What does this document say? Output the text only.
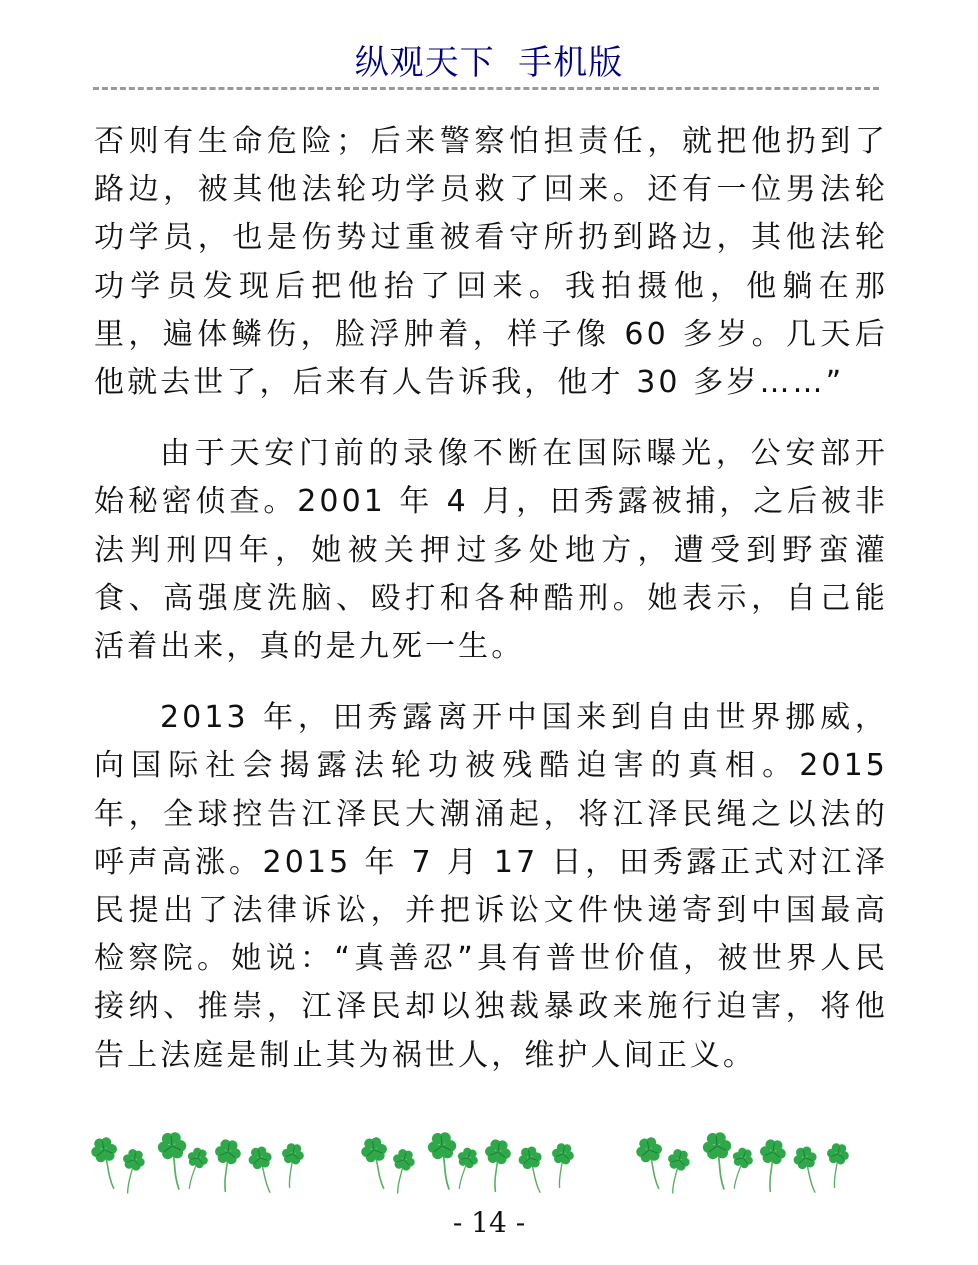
纵观天下  手机版

否则有生命危险；后来警察怕担责任，就把他扔到了路边，被其他法轮功学员救了回来。还有一位男法轮功学员，也是伤势过重被看守所扔到路边，其他法轮功学员发现后把他抬了回来。我拍摄他，他躺在那里，遍体鳞伤，脸浮肿着，样子像 60 多岁。几天后他就去世了，后来有人告诉我，他才 30 多岁……”

由于天安门前的录像不断在国际曝光，公安部开始秘密侦查。2001 年 4 月，田秀露被捕，之后被非法判刑四年，她被关押过多处地方，遭受到野蛮灌食、高强度洗脑、殴打和各种酷刑。她表示，自己能活着出来，真的是九死一生。

2013 年，田秀露离开中国来到自由世界挪威，向国际社会揭露法轮功被残酷迫害的真相。2015 年，全球控告江泽民大潮涌起，将江泽民绳之以法的呼声高涨。2015 年 7 月 17 日，田秀露正式对江泽民提出了法律诉讼，并把诉讼文件快递寄到中国最高检察院。她说：“真善忍”具有普世价值，被世界人民接纳、推崇，江泽民却以独裁暴政来施行迫害，将他告上法庭是制止其为祸世人，维护人间正义。

- 14 -
